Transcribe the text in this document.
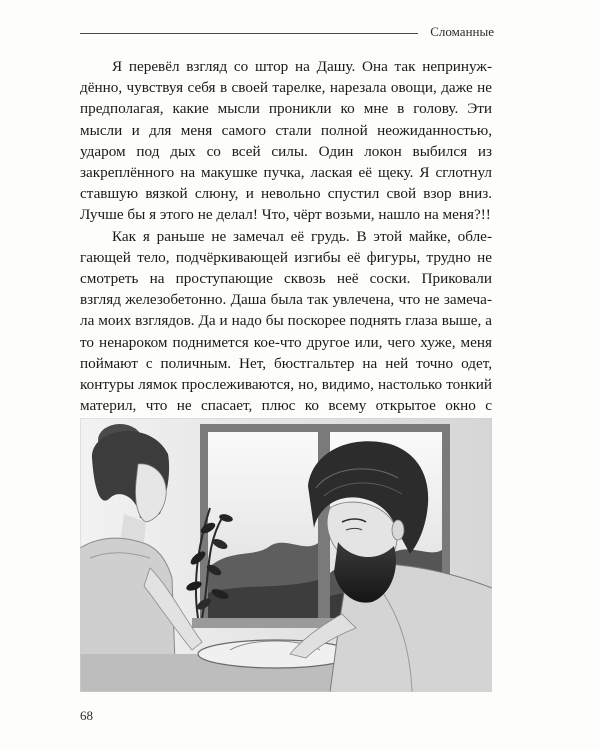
Сломанные

Я перевёл взгляд со штор на Дашу. Она так непринуждённо, чувствуя себя в своей тарелке, нарезала овощи, даже не предполагая, какие мысли проникли ко мне в голову. Эти мысли и для меня самого стали полной неожиданностью, ударом под дых со всей силы. Один локон выбился из закреплённого на макушке пучка, лаская её щеку. Я сглотнул ставшую вязкой слюну, и невольно спустил свой взор вниз. Лучше бы я этого не делал! Что, чёрт возьми, нашло на меня?!!

Как я раньше не замечал её грудь. В этой майке, облегающей тело, подчёркивающей изгибы её фигуры, трудно не смотреть на проступающие сквозь неё соски. Приковали взгляд железобетонно. Даша была так увлечена, что не замечала моих взглядов. Да и надо бы поскорее поднять глаза выше, а то ненароком поднимется кое-что другое или, чего хуже, меня поймают с поличным. Нет, бюстгальтер на ней точно одет, контуры лямок прослеживаются, но, видимо, настолько тонкий материл, что не спасает, плюс ко всему открытое окно с

68
